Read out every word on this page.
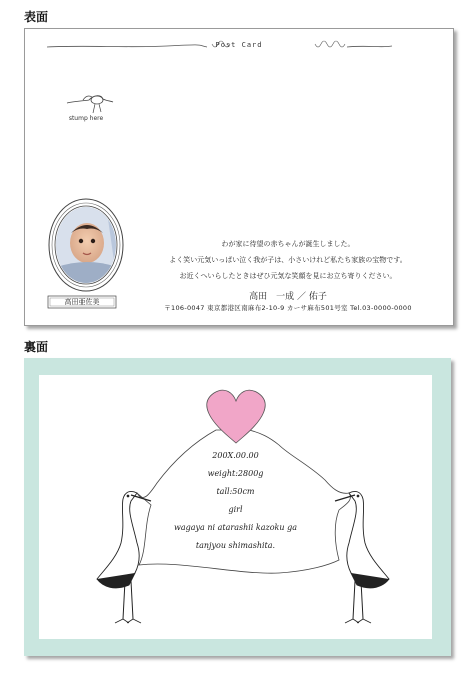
表面
Post Card
stump here
高田亜佐美
わが家に待望の赤ちゃんが誕生しました。
よく笑い元気いっぱい泣く我が子は、小さいけれど私たち家族の宝物です。
お近くへいらしたときはぜひ元気な笑顔を見にお立ち寄りください。
高田　一成 ／ 佑子
〒106-0047 東京都港区南麻布2-10-9 カーサ麻布501号室 Tel.03-0000-0000
裏面
200X.00.00
weight:2800g
tall:50cm
girl
wagaya ni atarashii kazoku ga
tanjyou shimashita.
